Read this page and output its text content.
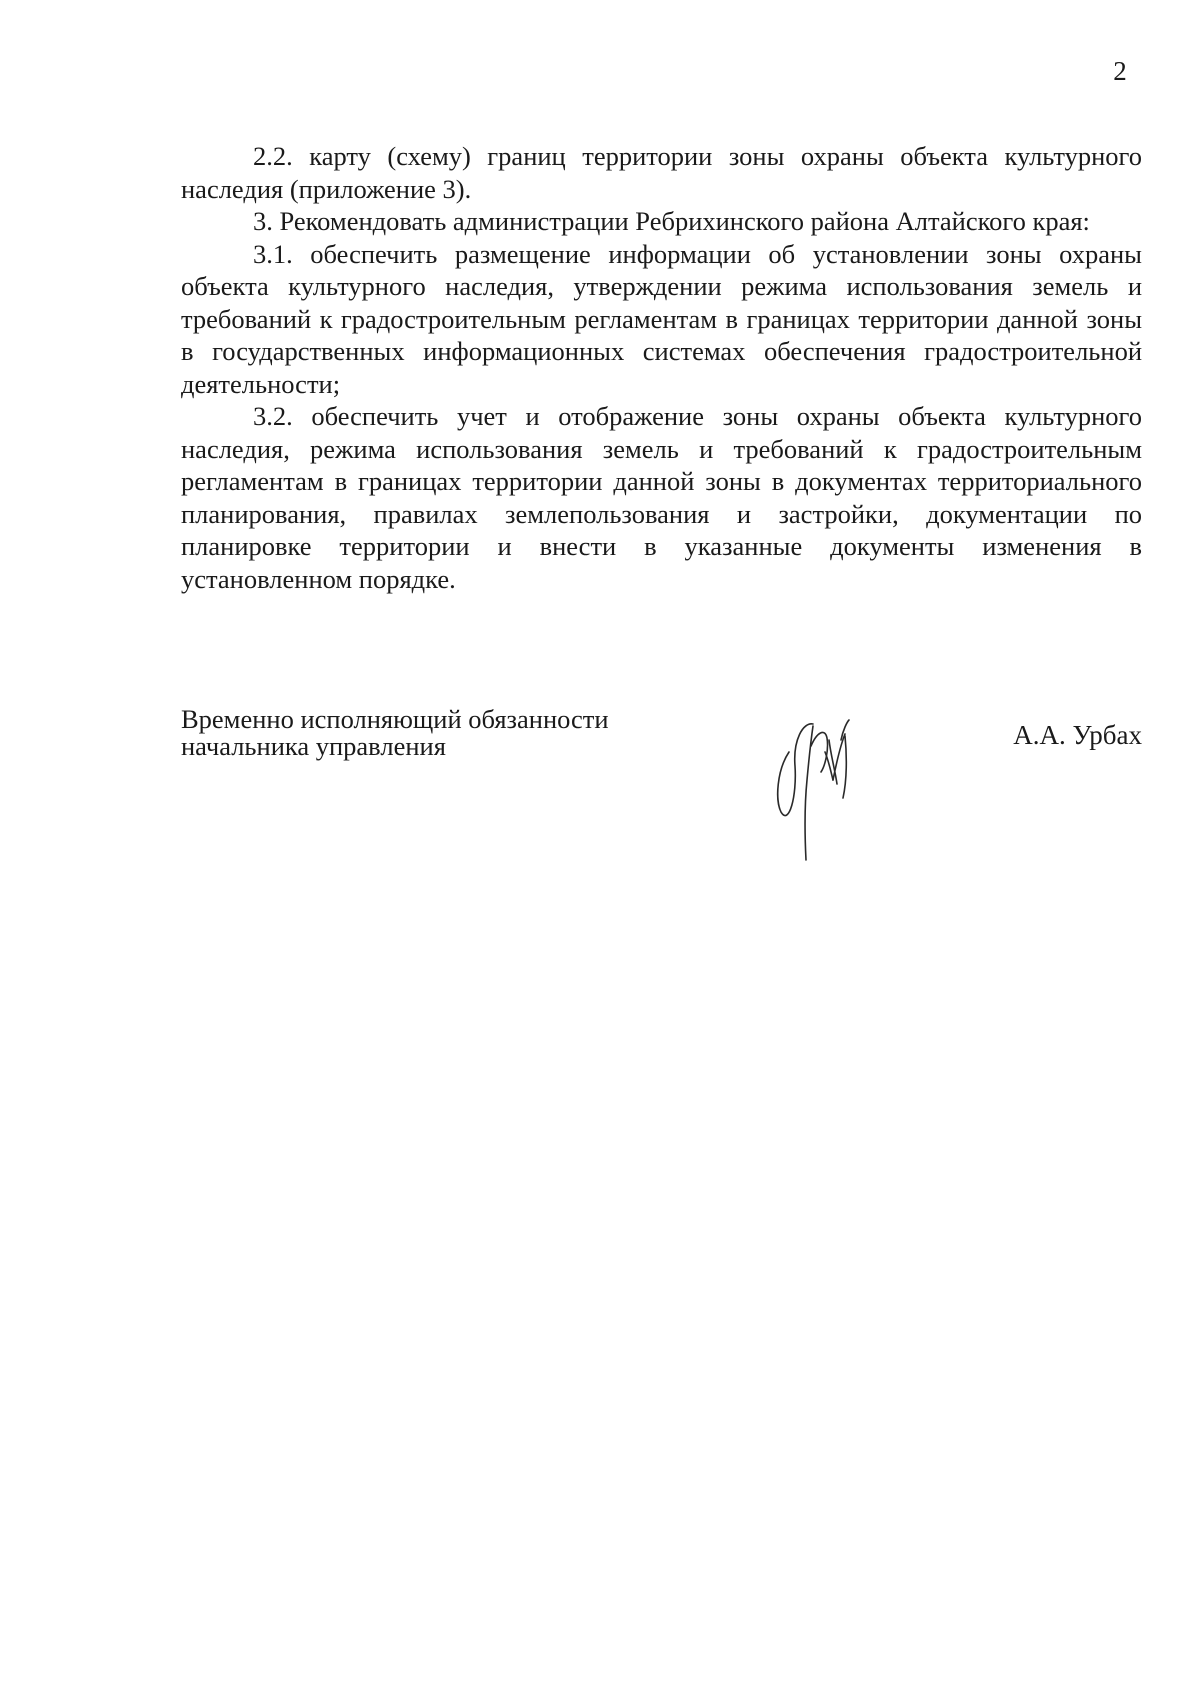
2

2.2. карту (схему) границ территории зоны охраны объекта культурного наследия (приложение 3).

3. Рекомендовать администрации Ребрихинского района Алтайского края:

3.1. обеспечить размещение информации об установлении зоны охраны объекта культурного наследия, утверждении режима использования земель и требований к градостроительным регламентам в границах территории данной зоны в государственных информационных системах обеспечения градостроительной деятельности;

3.2. обеспечить учет и отображение зоны охраны объекта культурного наследия, режима использования земель и требований к градостроительным регламентам в границах территории данной зоны в документах территориального планирования, правилах землепользования и застройки, документации по планировке территории и внести в указанные документы изменения в установленном порядке.

Временно исполняющий обязанности
начальника управления	А.А. Урбах
